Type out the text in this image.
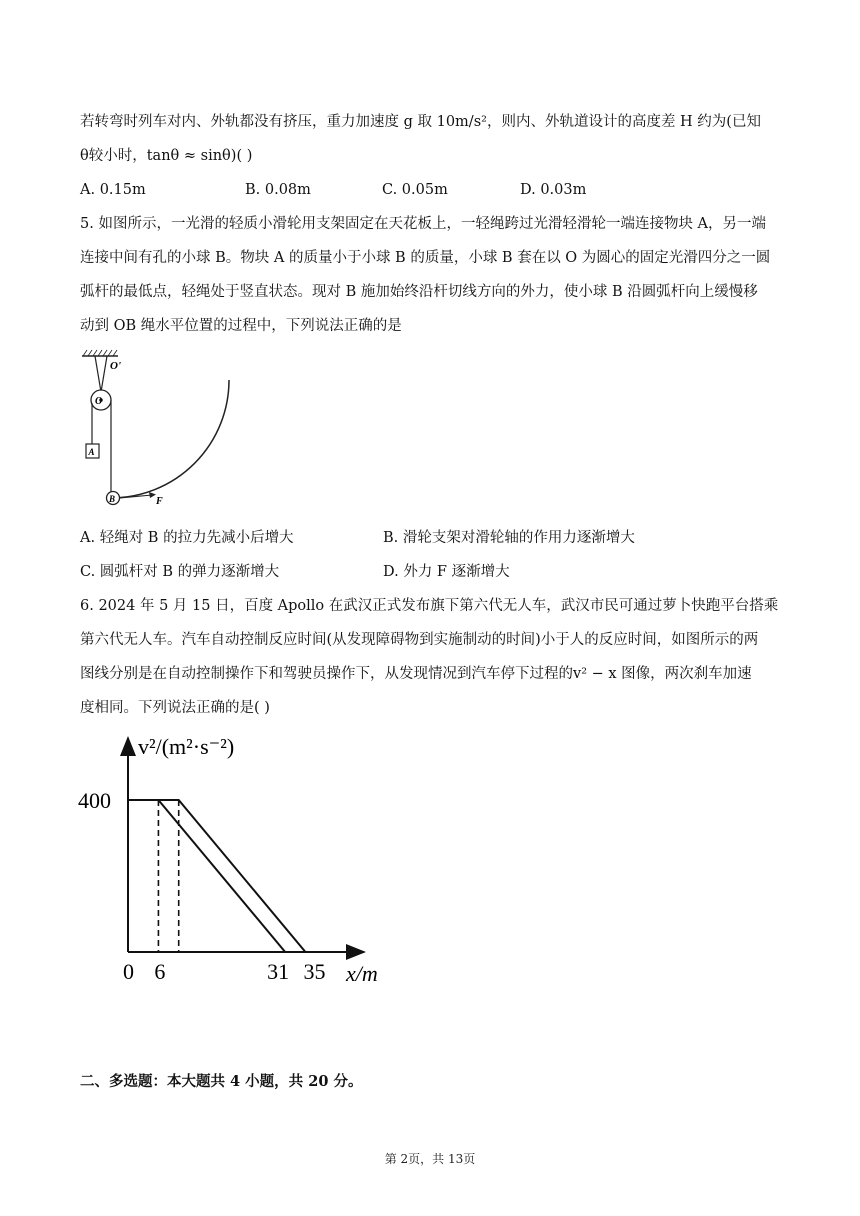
若转弯时列车对内、外轨都没有挤压，重力加速度 g 取 10m/s²，则内、外轨道设计的高度差 H 约为(已知
θ较小时，tanθ ≈ sinθ)( )
A. 0.15m	B. 0.08m	C. 0.05m	D. 0.03m
5. 如图所示，一光滑的轻质小滑轮用支架固定在天花板上，一轻绳跨过光滑轻滑轮一端连接物块 A，另一端
连接中间有孔的小球 B。物块 A 的质量小于小球 B 的质量，小球 B 套在以 O 为圆心的固定光滑四分之一圆
弧杆的最低点，轻绳处于竖直状态。现对 B 施加始终沿杆切线方向的外力，使小球 B 沿圆弧杆向上缓慢移
动到 OB 绳水平位置的过程中，下列说法正确的是
O'
O
A
B	F
A. 轻绳对 B 的拉力先减小后增大	B. 滑轮支架对滑轮轴的作用力逐渐增大
C. 圆弧杆对 B 的弹力逐渐增大	D. 外力 F 逐渐增大
6. 2024 年 5 月 15 日，百度 Apollo 在武汉正式发布旗下第六代无人车，武汉市民可通过萝卜快跑平台搭乘
第六代无人车。汽车自动控制反应时间(从发现障碍物到实施制动的时间)小于人的反应时间，如图所示的两
图线分别是在自动控制操作下和驾驶员操作下，从发现情况到汽车停下过程的v² − x 图像，两次刹车加速
度相同。下列说法正确的是( )
v²/(m²·s⁻²)
x/m
400
0 6	31 35
二、多选题：本大题共 4 小题，共 20 分。
第 2页，共 13页
